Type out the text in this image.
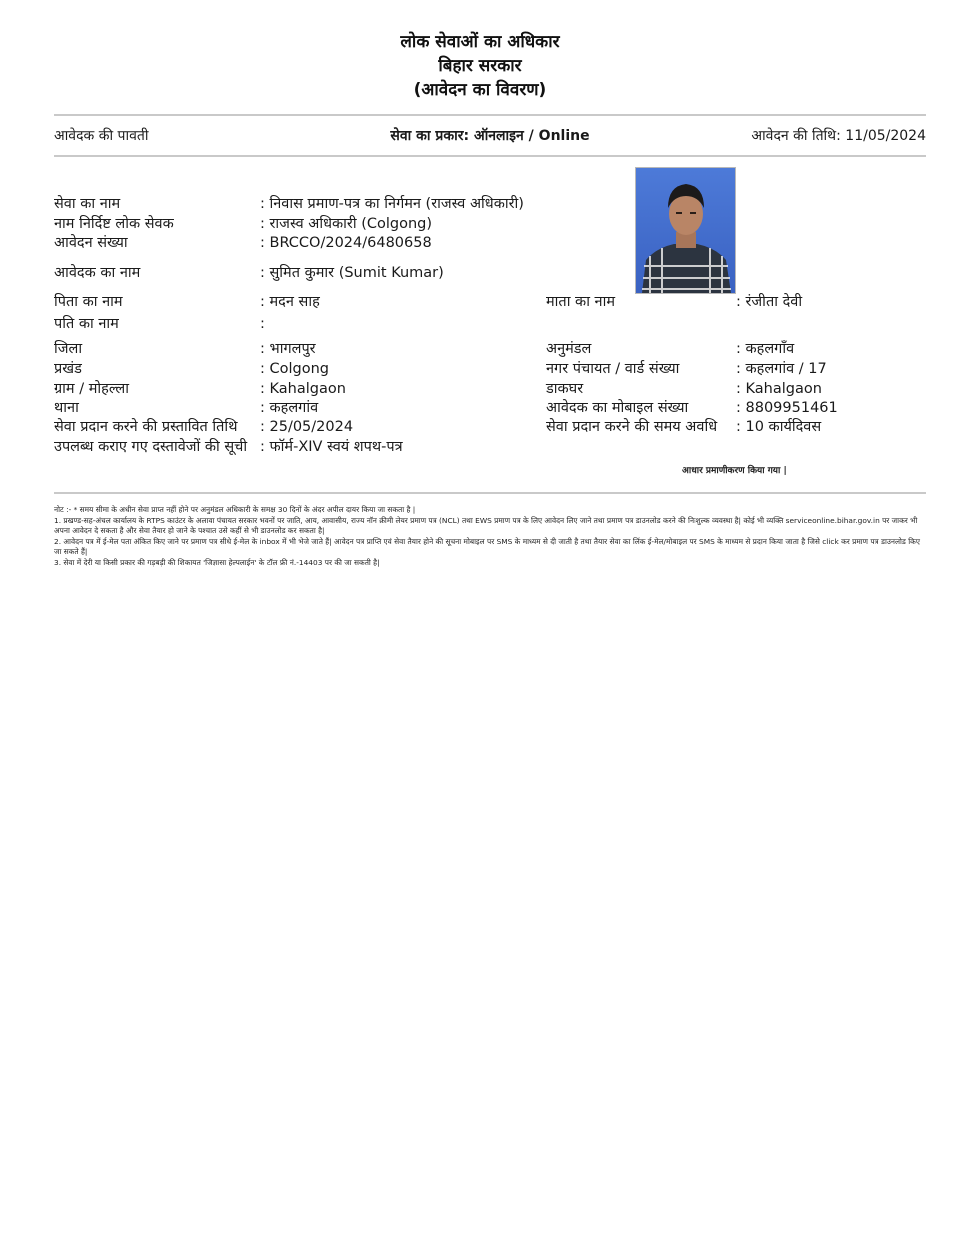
लोक सेवाओं का अधिकार
बिहार सरकार
(आवेदन का विवरण)
आवेदक की पावती	सेवा का प्रकार: ऑनलाइन / Online	आवेदन की तिथि: 11/05/2024
सेवा का नाम	: निवास प्रमाण-पत्र का निर्गमन (राजस्व अधिकारी)
नाम निर्दिष्ट लोक सेवक	: राजस्व अधिकारी (Colgong)
आवेदन संख्या	: BRCCO/2024/6480658
आवेदक का नाम	: सुमित कुमार (Sumit Kumar)
पिता का नाम	: मदन साह	माता का नाम	: रंजीता देवी
पति का नाम	:
जिला	: भागलपुर	अनुमंडल	: कहलगाँव
प्रखंड	: Colgong	नगर पंचायत / वार्ड संख्या	: कहलगांव / 17
ग्राम / मोहल्ला	: Kahalgaon	डाकघर	: Kahalgaon
थाना	: कहलगांव	आवेदक का मोबाइल संख्या	: 8809951461
सेवा प्रदान करने की प्रस्तावित तिथि : 25/05/2024	सेवा प्रदान करने की समय अवधि : 10 कार्यदिवस
उपलब्ध कराए गए दस्तावेजों की सूची : फॉर्म-XIV स्वयं शपथ-पत्र
आधार प्रमाणीकरण किया गया |

नोट :- * समय सीमा के अधीन सेवा प्राप्त नहीं होने पर अनुमंडल अधिकारी के समक्ष 30 दिनों के अंदर अपील दायर किया जा सकता है |

1. प्रखण्ड-सह-अंचल कार्यालय के RTPS काउंटर के अलावा पंचायत सरकार भवनों पर जाति, आय, आवासीय, राज्य नॉन क्रीमी लेयर प्रमाण पत्र (NCL) तथा EWS प्रमाण पत्र के लिए आवेदन लिए जाने तथा प्रमाण पत्र डाउनलोड करने की निःशुल्क व्यवस्था है| कोई भी व्यक्ति serviceonline.bihar.gov.in पर जाकर भी अपना आवेदन दे सकता है और सेवा तैयार हो जाने के पश्चात उसे कहीं से भी डाउनलोड कर सकता है|

2. आवेदन पत्र में ई-मेल पता अंकित किए जाने पर प्रमाण पत्र सीधे ई-मेल के inbox में भी भेजे जाते हैं| आवेदन पत्र प्राप्ति एवं सेवा तैयार होने की सूचना मोबाइल पर SMS के माध्यम से दी जाती है तथा तैयार सेवा का लिंक ई-मेल/मोबाइल पर SMS के माध्यम से प्रदान किया जाता है जिसे click कर प्रमाण पत्र डाउनलोड किए जा सकते हैं|

3. सेवा में देरी या किसी प्रकार की गड़बड़ी की शिकायत 'जिज्ञासा हेल्पलाईन' के टॉल फ्री नं.-14403 पर की जा सकती है|
